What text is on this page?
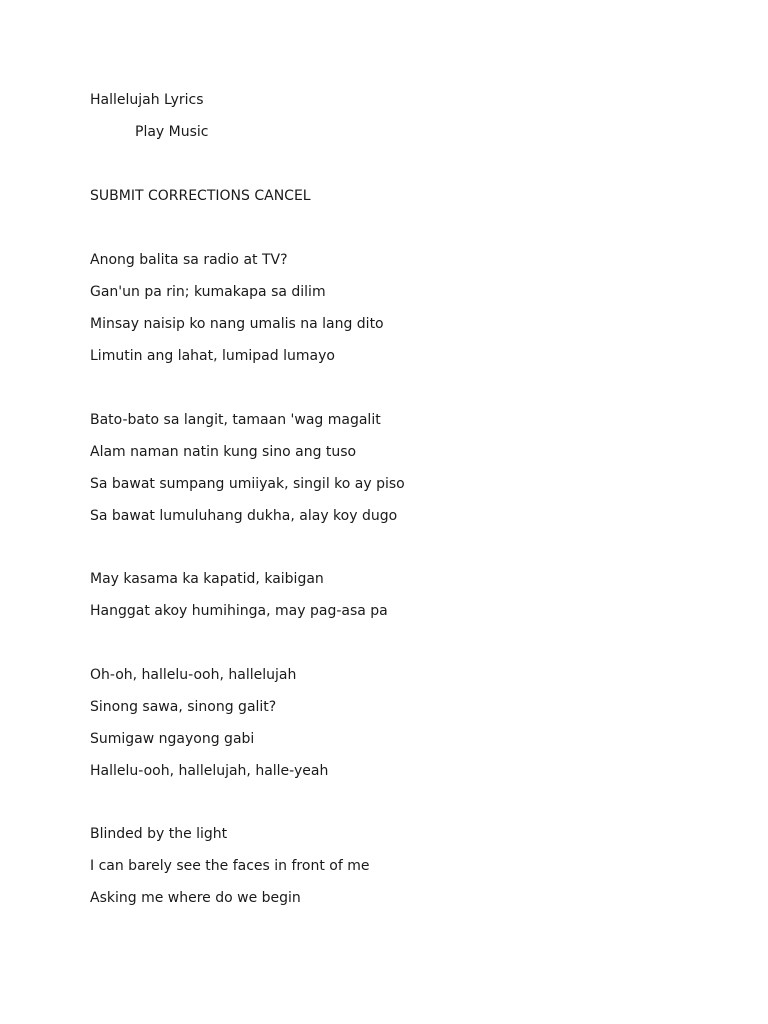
Hallelujah Lyrics
Play Music
SUBMIT CORRECTIONS CANCEL
Anong balita sa radio at TV?
Gan'un pa rin; kumakapa sa dilim
Minsay naisip ko nang umalis na lang dito
Limutin ang lahat, lumipad lumayo
Bato-bato sa langit, tamaan 'wag magalit
Alam naman natin kung sino ang tuso
Sa bawat sumpang umiiyak, singil ko ay piso
Sa bawat lumuluhang dukha, alay koy dugo
May kasama ka kapatid, kaibigan
Hanggat akoy humihinga, may pag-asa pa
Oh-oh, hallelu-ooh, hallelujah
Sinong sawa, sinong galit?
Sumigaw ngayong gabi
Hallelu-ooh, hallelujah, halle-yeah
Blinded by the light
I can barely see the faces in front of me
Asking me where do we begin
